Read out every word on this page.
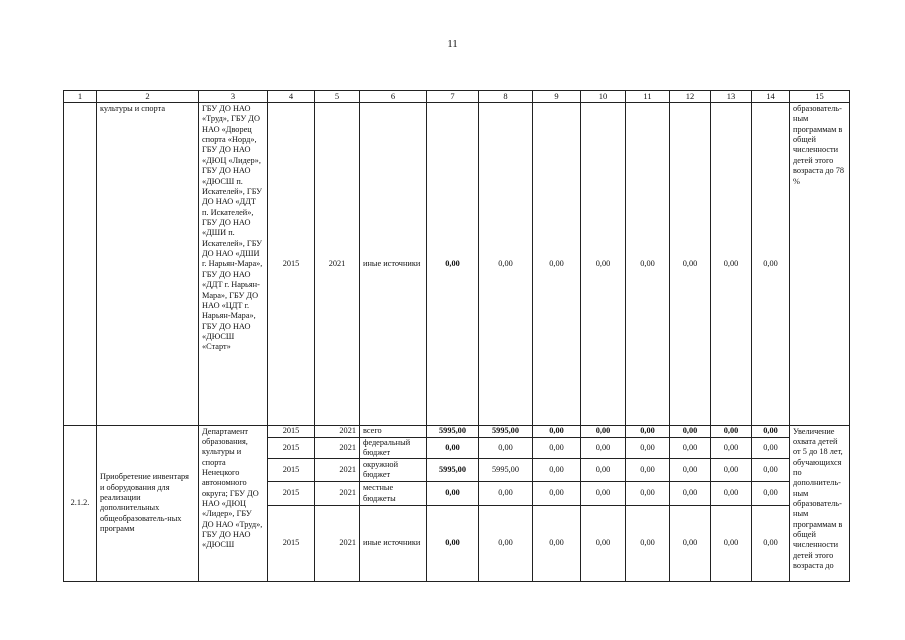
11
1	2	3	4	5	6	7	8	9	10	11	12	13	14	15
	культуры и спорта	ГБУ ДО НАО «Труд», ГБУ ДО НАО «Дворец спорта «Норд», ГБУ ДО НАО «ДЮЦ «Лидер», ГБУ ДО НАО «ДЮСШ п. Искателей», ГБУ ДО НАО «ДДТ п. Искателей», ГБУ ДО НАО «ДШИ п. Искателей», ГБУ ДО НАО «ДШИ г. Нарьян-Мара», ГБУ ДО НАО «ДДТ г. Нарьян-Мара», ГБУ ДО НАО «ЦДТ г. Нарьян-Мара», ГБУ ДО НАО «ДЮСШ «Старт»	2015	2021	иные источники	0,00	0,00	0,00	0,00	0,00	0,00	0,00	0,00	образователь-ным программам в общей численности детей этого возраста до 78 %
2.1.2.	Приобретение инвентаря и оборудования для реализации дополнительных общеобразователь-ных программ	Департамент образования, культуры и спорта Ненецкого автономного округа; ГБУ ДО НАО «ДЮЦ «Лидер», ГБУ ДО НАО «Труд», ГБУ ДО НАО «ДЮСШ	2015	2021	всего	5995,00	5995,00	0,00	0,00	0,00	0,00	0,00	0,00	Увеличение охвата детей от 5 до 18 лет, обучающихся по дополнитель-ным образователь-ным программам в общей численности детей этого возраста до
			2015	2021	федеральный бюджет	0,00	0,00	0,00	0,00	0,00	0,00	0,00	0,00	
			2015	2021	окружной бюджет	5995,00	5995,00	0,00	0,00	0,00	0,00	0,00	0,00	
			2015	2021	местные бюджеты	0,00	0,00	0,00	0,00	0,00	0,00	0,00	0,00	
			2015	2021	иные источники	0,00	0,00	0,00	0,00	0,00	0,00	0,00	0,00	
